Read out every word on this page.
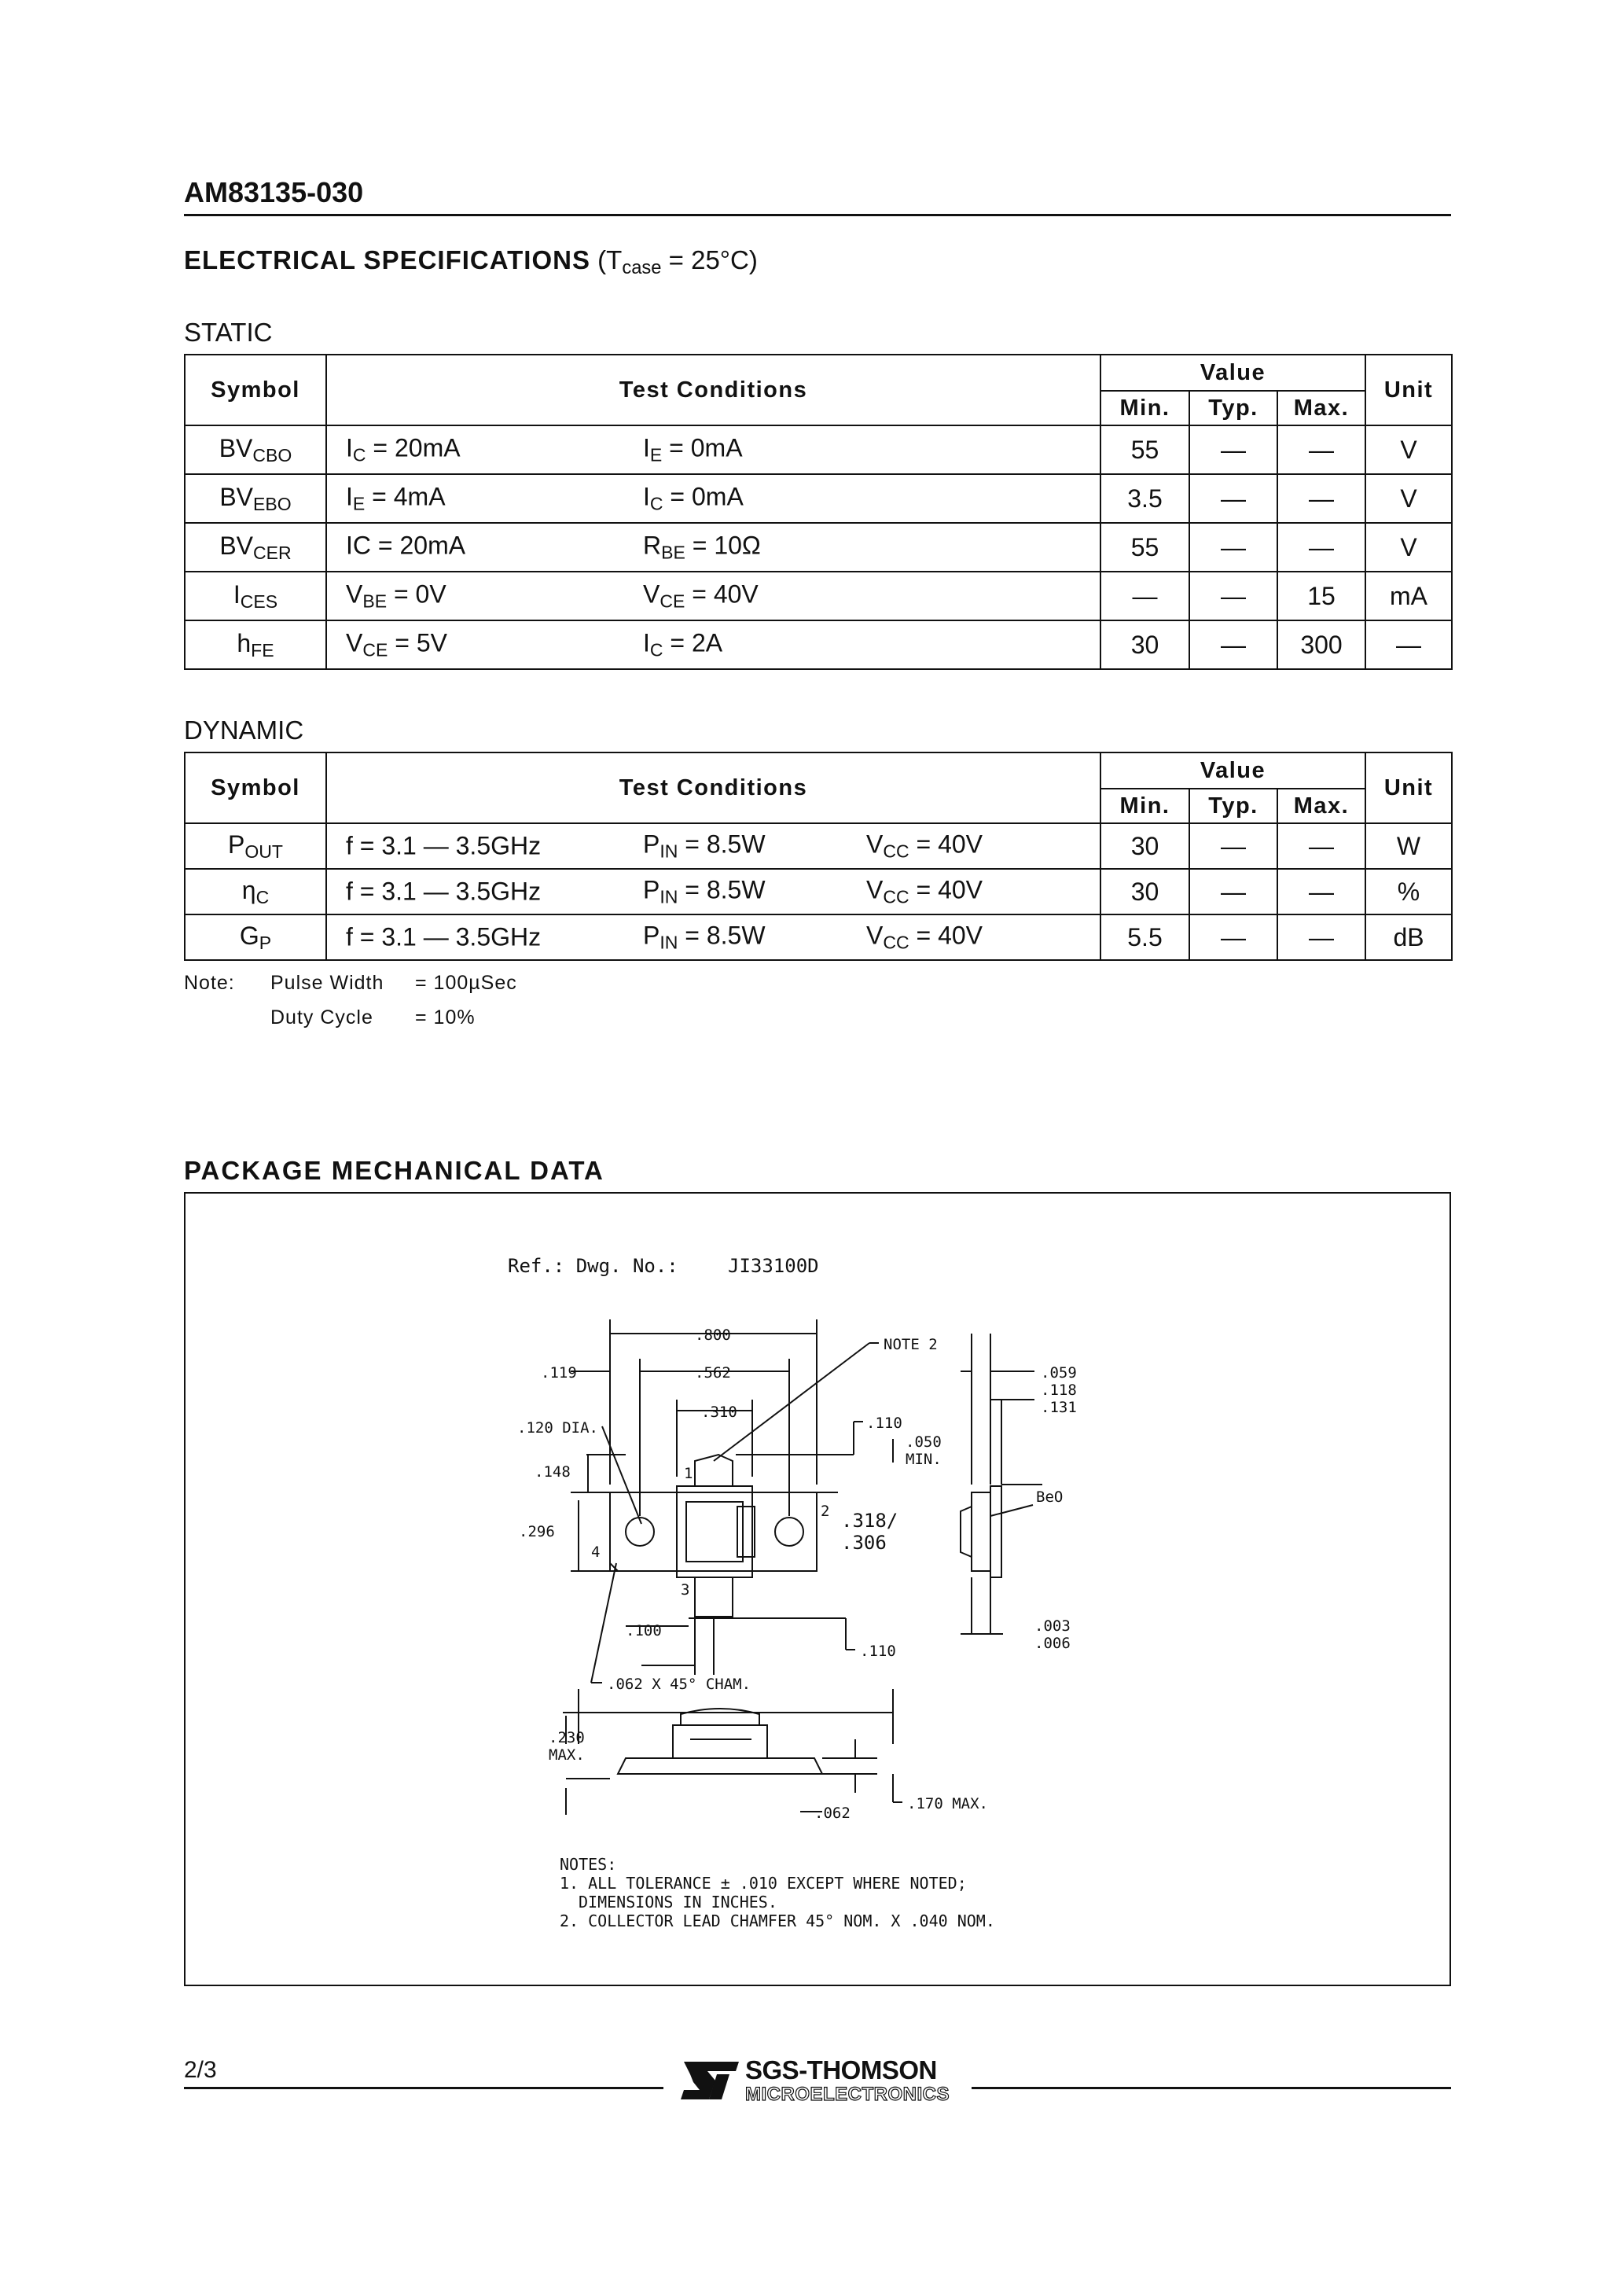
AM83135-030
ELECTRICAL SPECIFICATIONS $(T_{case} = 25^\circ C)$
STATIC
Symbol	Test Conditions	Value			Unit
		Min.	Typ.	Max.	
$BV_{CBO}$	$I_C = 20mA$ $I_E = 0mA$	55	—	—	V
$BV_{EBO}$	$I_E = 4mA$ $I_C = 0mA$	3.5	—	—	V
$BV_{CER}$	IC = 20mA $R_{BE} = 10\Omega$	55	—	—	V
$I_{CES}$	$V_{BE} = 0V$ $V_{CE} = 40V$	—	—	15	mA
$h_{FE}$	$V_{CE} = 5V$ $I_C = 2A$	30	—	300	—
DYNAMIC
Symbol	Test Conditions	Value			Unit
		Min.	Typ.	Max.	
$P_{OUT}$	f = 3.1 — 3.5GHz $P_{IN} = 8.5W$ $V_{CC} = 40V$	30	—	—	W
$\eta_C$	f = 3.1 — 3.5GHz $P_{IN} = 8.5W$ $V_{CC} = 40V$	30	—	—	%
$G_P$	f = 3.1 — 3.5GHz $P_{IN} = 8.5W$ $V_{CC} = 40V$	5.5	—	—	dB
Note: Pulse Width = 100µSec
Duty Cycle = 10%
PACKAGE MECHANICAL DATA
Ref.: Dwg. No.:	JI33100D
.800
.562
.119
.310
NOTE 2
.110
.050
MIN.
.120 DIA.
.148
.296	.318/
.306
.059
.118
.131
BeO
.100
.110
.003
.006
.062 X 45° CHAM.
.230
MAX.
.062
.170 MAX.
1
2
3
4
NOTES:
1. ALL TOLERANCE ± .010 EXCEPT WHERE NOTED;
DIMENSIONS IN INCHES.
2. COLLECTOR LEAD CHAMFER 45° NOM. X .040 NOM.
2/3	SGS-THOMSON
MICROELECTRONICS
